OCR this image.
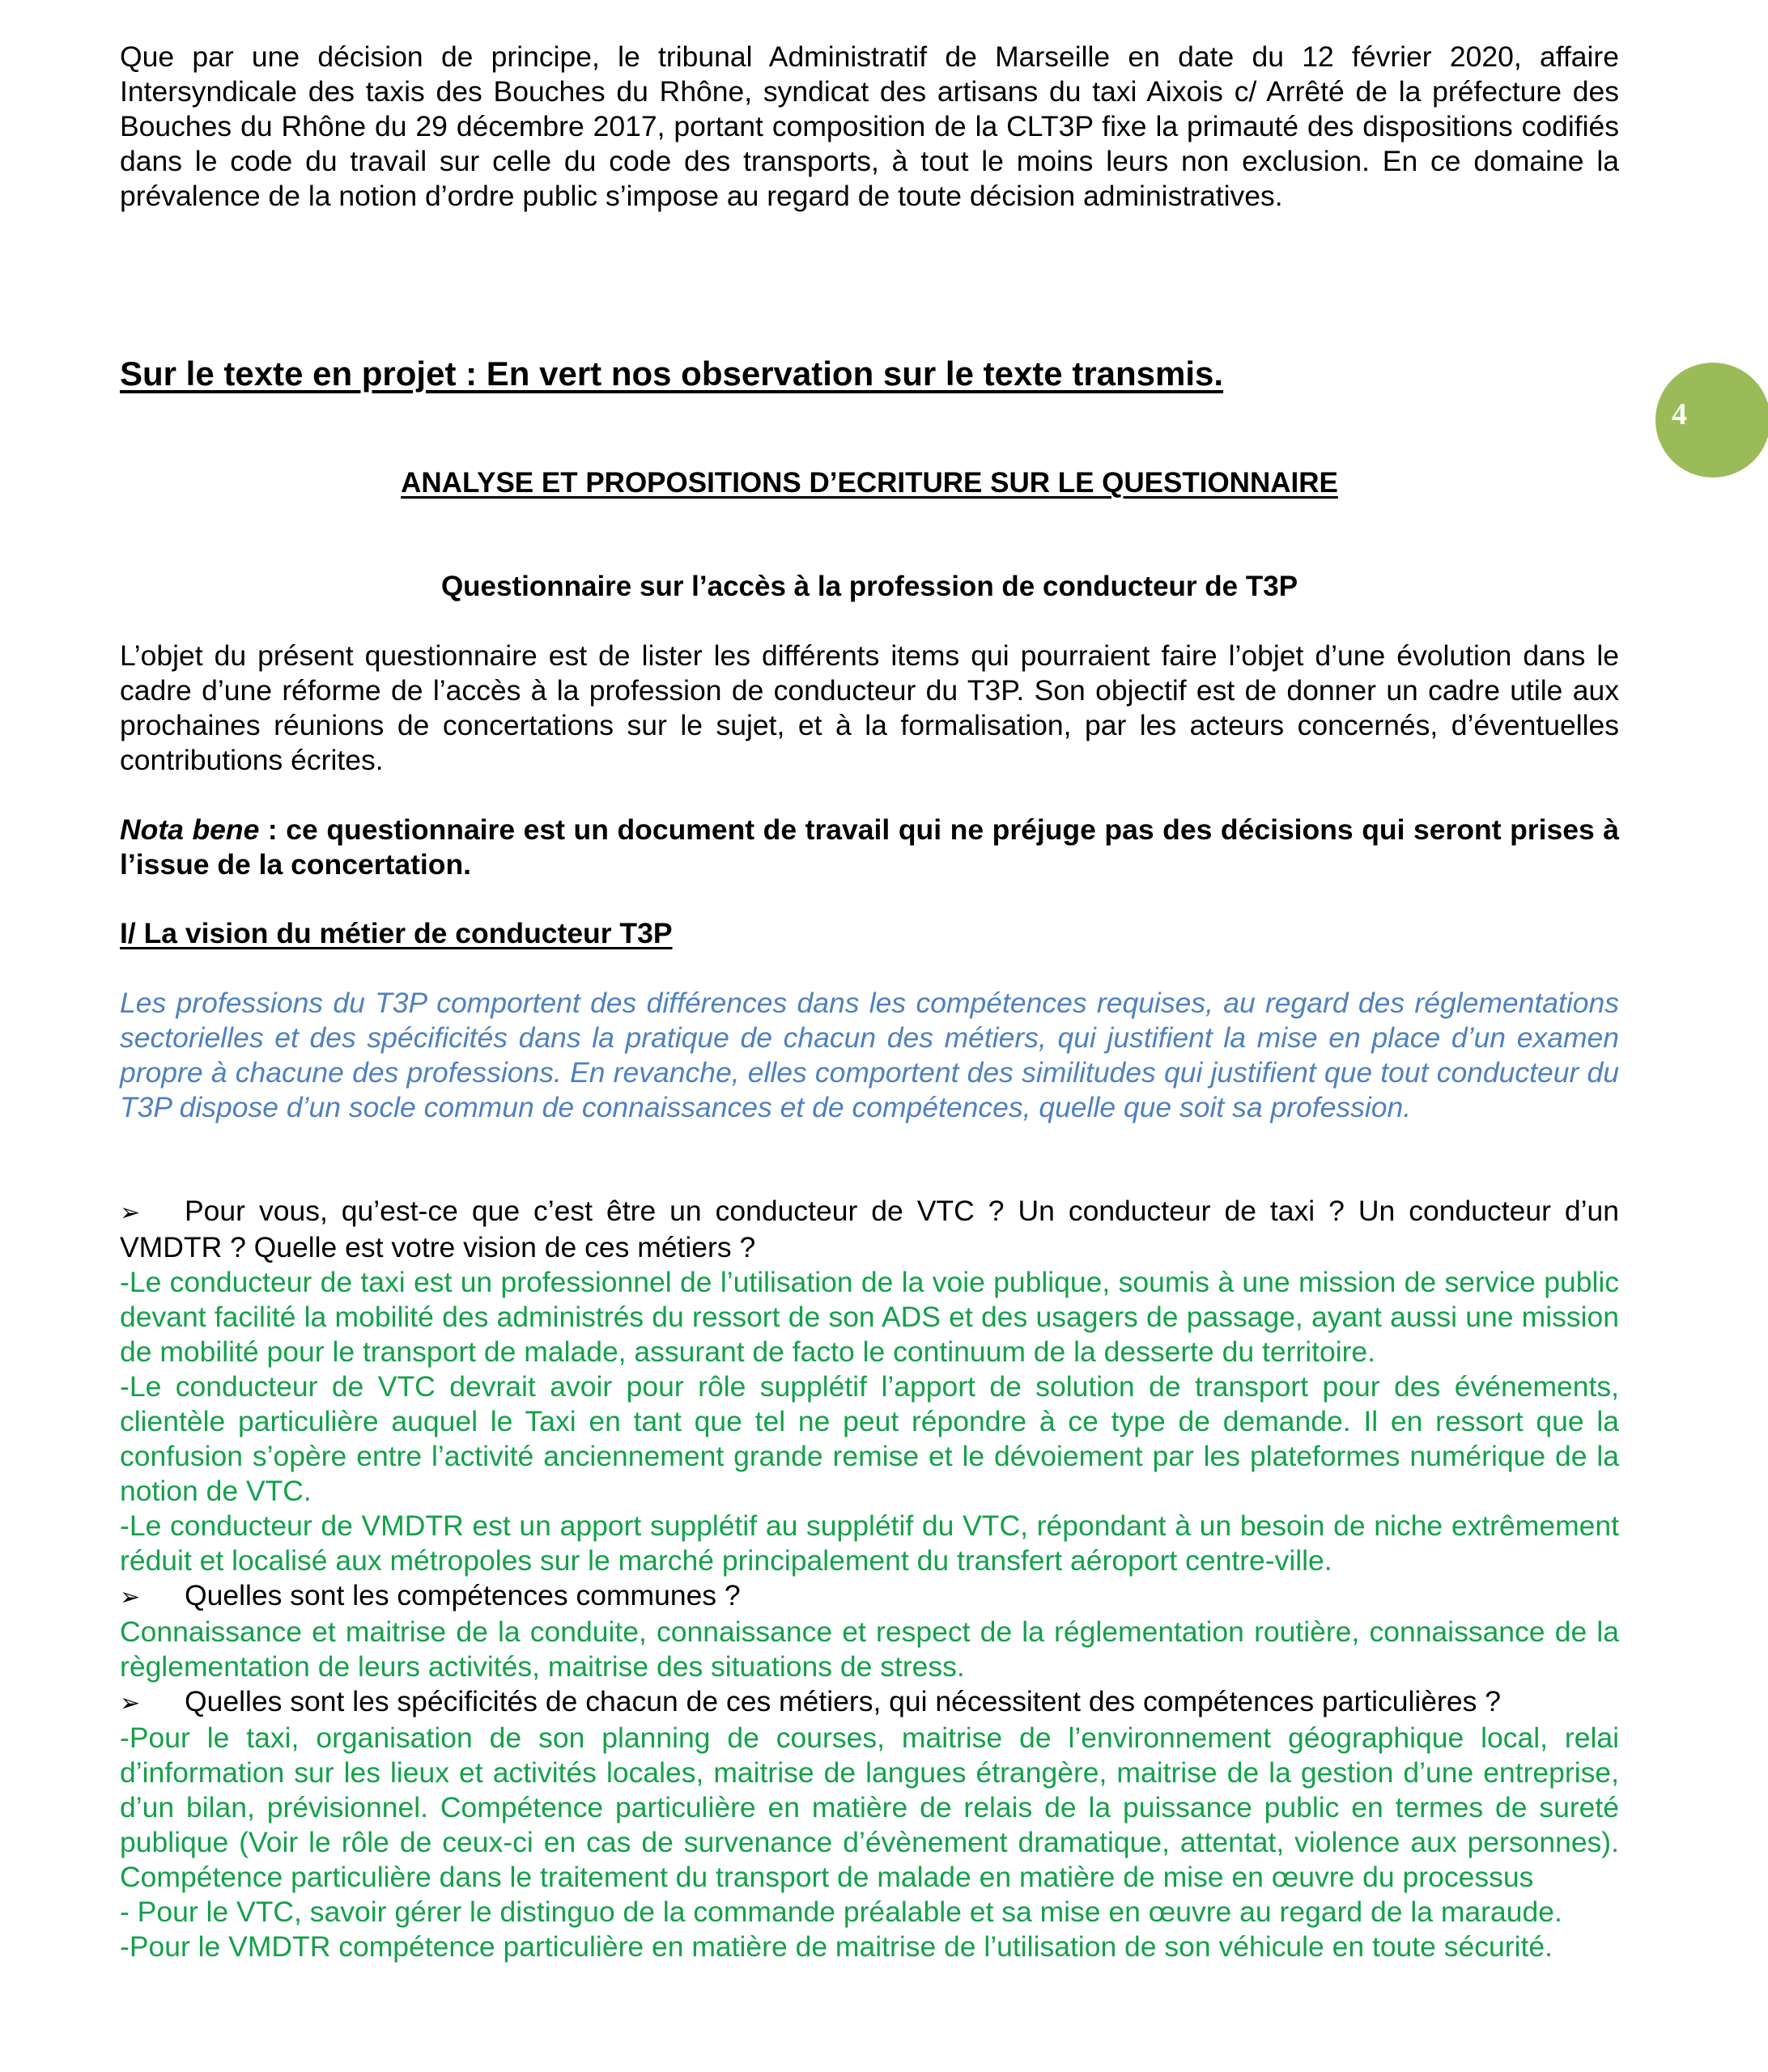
Que par une décision de principe, le tribunal Administratif de Marseille en date du 12 février 2020, affaire Intersyndicale des taxis des Bouches du Rhône, syndicat des artisans du taxi Aixois c/ Arrêté de la préfecture des Bouches du Rhône du 29 décembre 2017, portant composition de la CLT3P fixe la primauté des dispositions codifiés dans le code du travail sur celle du code des transports, à tout le moins leurs non exclusion. En ce domaine la prévalence de la notion d’ordre public s’impose au regard de toute décision administratives.

Sur le texte en projet : En vert nos observation sur le texte transmis.
ANALYSE ET PROPOSITIONS D’ECRITURE SUR LE QUESTIONNAIRE
Questionnaire sur l’accès à la profession de conducteur de T3P

L’objet du présent questionnaire est de lister les différents items qui pourraient faire l’objet d’une évolution dans le cadre d’une réforme de l’accès à la profession de conducteur du T3P. Son objectif est de donner un cadre utile aux prochaines réunions de concertations sur le sujet, et à la formalisation, par les acteurs concernés, d’éventuelles contributions écrites.

Nota bene : ce questionnaire est un document de travail qui ne préjuge pas des décisions qui seront prises à l’issue de la concertation.

I/ La vision du métier de conducteur T3P

Les professions du T3P comportent des différences dans les compétences requises, au regard des réglementations sectorielles et des spécificités dans la pratique de chacun des métiers, qui justifient la mise en place d’un examen propre à chacune des professions. En revanche, elles comportent des similitudes qui justifient que tout conducteur du T3P dispose d’un socle commun de connaissances et de compétences, quelle que soit sa profession.

➢ Pour vous, qu’est-ce que c’est être un conducteur de VTC ? Un conducteur de taxi ? Un conducteur d’un VMDTR ? Quelle est votre vision de ces métiers ?

-Le conducteur de taxi est un professionnel de l’utilisation de la voie publique, soumis à une mission de service public devant facilité la mobilité des administrés du ressort de son ADS et des usagers de passage, ayant aussi une mission de mobilité pour le transport de malade, assurant de facto le continuum de la desserte du territoire.

-Le conducteur de VTC devrait avoir pour rôle supplétif l’apport de solution de transport pour des événements, clientèle particulière auquel le Taxi en tant que tel ne peut répondre à ce type de demande. Il en ressort que la confusion s’opère entre l’activité anciennement grande remise et le dévoiement par les plateformes numérique de la notion de VTC.

-Le conducteur de VMDTR est un apport supplétif au supplétif du VTC, répondant à un besoin de niche extrêmement réduit et localisé aux métropoles sur le marché principalement du transfert aéroport centre-ville.

➢ Quelles sont les compétences communes ?

Connaissance et maitrise de la conduite, connaissance et respect de la réglementation routière, connaissance de la règlementation de leurs activités, maitrise des situations de stress.

➢ Quelles sont les spécificités de chacun de ces métiers, qui nécessitent des compétences particulières ?

-Pour le taxi, organisation de son planning de courses, maitrise de l’environnement géographique local, relai d’information sur les lieux et activités locales, maitrise de langues étrangère, maitrise de la gestion d’une entreprise, d’un bilan, prévisionnel. Compétence particulière en matière de relais de la puissance public en termes de sureté publique (Voir le rôle de ceux-ci en cas de survenance d’évènement dramatique, attentat, violence aux personnes). Compétence particulière dans le traitement du transport de malade en matière de mise en œuvre du processus

- Pour le VTC, savoir gérer le distinguo de la commande préalable et sa mise en œuvre au regard de la maraude.

-Pour le VMDTR compétence particulière en matière de maitrise de l’utilisation de son véhicule en toute sécurité.

4
